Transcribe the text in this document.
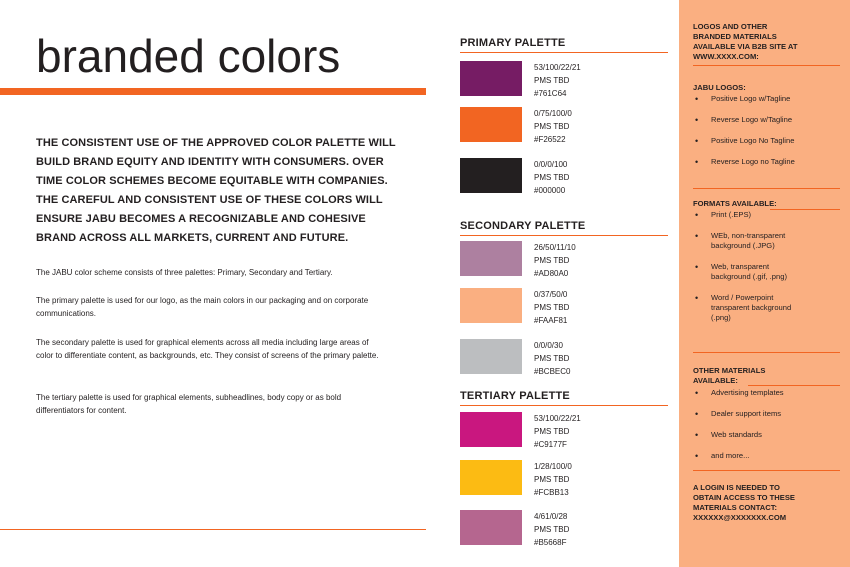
branded colors

THE CONSISTENT USE OF THE APPROVED COLOR PALETTE WILL BUILD BRAND EQUITY AND IDENTITY WITH CONSUMERS. OVER TIME COLOR SCHEMES BECOME EQUITABLE WITH COMPANIES. THE CAREFUL AND CONSISTENT USE OF THESE COLORS WILL ENSURE JABU BECOMES A RECOGNIZABLE AND COHESIVE BRAND ACROSS ALL MARKETS, CURRENT AND FUTURE.

The JABU color scheme consists of three palettes: Primary, Secondary and Tertiary.

The primary palette is used for our logo, as the main colors in our packaging and on corporate communications.

The secondary palette is used for graphical elements across all media including large areas of color to differentiate content, as backgrounds, etc. They consist of screens of the primary palette.

The tertiary palette is used for graphical elements, subheadlines, body copy or as bold differentiators for content.

PRIMARY PALETTE
53/100/22/21
PMS TBD
#761C64
0/75/100/0
PMS TBD
#F26522
0/0/0/100
PMS TBD
#000000
SECONDARY PALETTE
26/50/11/10
PMS TBD
#AD80A0
0/37/50/0
PMS TBD
#FAAF81
0/0/0/30
PMS TBD
#BCBEC0
TERTIARY PALETTE
53/100/22/21
PMS TBD
#C9177F
1/28/100/0
PMS TBD
#FCBB13
4/61/0/28
PMS TBD
#B5668F
LOGOS AND OTHER
BRANDED MATERIALS
AVAILABLE VIA B2B SITE AT
WWW.XXXX.COM:
JABU LOGOS:
• Positive Logo w/Tagline
• Reverse Logo w/Tagline
• Positive Logo No Tagline
• Reverse Logo no Tagline
FORMATS AVAILABLE:
• Print (.EPS)
• WEb, non-transparent
background (.JPG)
• Web, transparent
background (.gif, .png)
• Word / Powerpoint
transparent background
(.png)
OTHER MATERIALS
AVAILABLE:
• Advertising templates
• Dealer support items
• Web standards
• and more...
A LOGIN IS NEEDED TO
OBTAIN ACCESS TO THESE
MATERIALS CONTACT:
XXXXXX@XXXXXXX.COM
